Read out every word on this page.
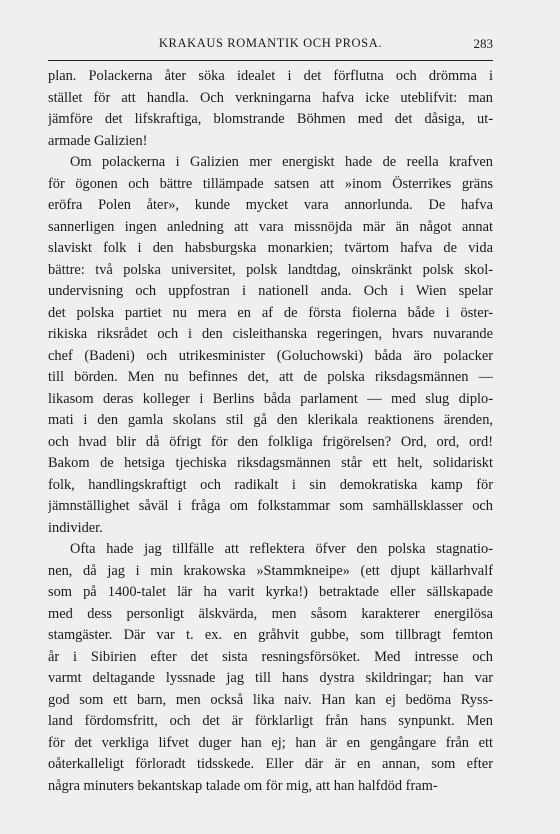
KRAKAUS ROMANTIK OCH PROSA.	283
plan. Polackerna åter söka idealet i det förflutna och drömma i
stället för att handla. Och verkningarna hafva icke uteblifvit: man
jämföre det lifskraftiga, blomstrande Böhmen med det dåsiga, ut-
armade Galizien!
Om polackerna i Galizien mer energiskt hade de reella krafven
för ögonen och bättre tillämpade satsen att »inom Österrikes gräns
eröfra Polen åter», kunde mycket vara annorlunda. De hafva
sannerligen ingen anledning att vara missnöjda mär än något annat
slaviskt folk i den habsburgska monarkien; tvärtom hafva de vida
bättre: två polska universitet, polsk landtdag, oinskränkt polsk skol-
undervisning och uppfostran i nationell anda. Och i Wien spelar
det polska partiet nu mera en af de första fiolerna både i öster-
rikiska riksrådet och i den cisleithanska regeringen, hvars nuvarande
chef (Badeni) och utrikesminister (Goluchowski) båda äro polacker
till börden. Men nu befinnes det, att de polska riksdagsmännen —
likasom deras kolleger i Berlins båda parlament — med slug diplo-
mati i den gamla skolans stil gå den klerikala reaktionens ärenden,
och hvad blir då öfrigt för den folkliga frigörelsen? Ord, ord, ord!
Bakom de hetsiga tjechiska riksdagsmännen står ett helt, solidariskt
folk, handlingskraftigt och radikalt i sin demokratiska kamp för
jämnställighet såväl i fråga om folkstammar som samhällsklasser och
individer.
Ofta hade jag tillfälle att reflektera öfver den polska stagnatio-
nen, då jag i min krakowska »Stammkneipe» (ett djupt källarhvalf
som på 1400-talet lär ha varit kyrka!) betraktade eller sällskapade
med dess personligt älskvärda, men såsom karakterer energilösa
stamgäster. Där var t. ex. en gråhvit gubbe, som tillbragt femton
år i Sibirien efter det sista resningsförsöket. Med intresse och
varmt deltagande lyssnade jag till hans dystra skildringar; han var
god som ett barn, men också lika naiv. Han kan ej bedöma Ryss-
land fördomsfritt, och det är förklarligt från hans synpunkt. Men
för det verkliga lifvet duger han ej; han är en gengångare från ett
oåterkalleligt förloradt tidsskede. Eller där är en annan, som efter
några minuters bekantskap talade om för mig, att han halfdöd fram-
